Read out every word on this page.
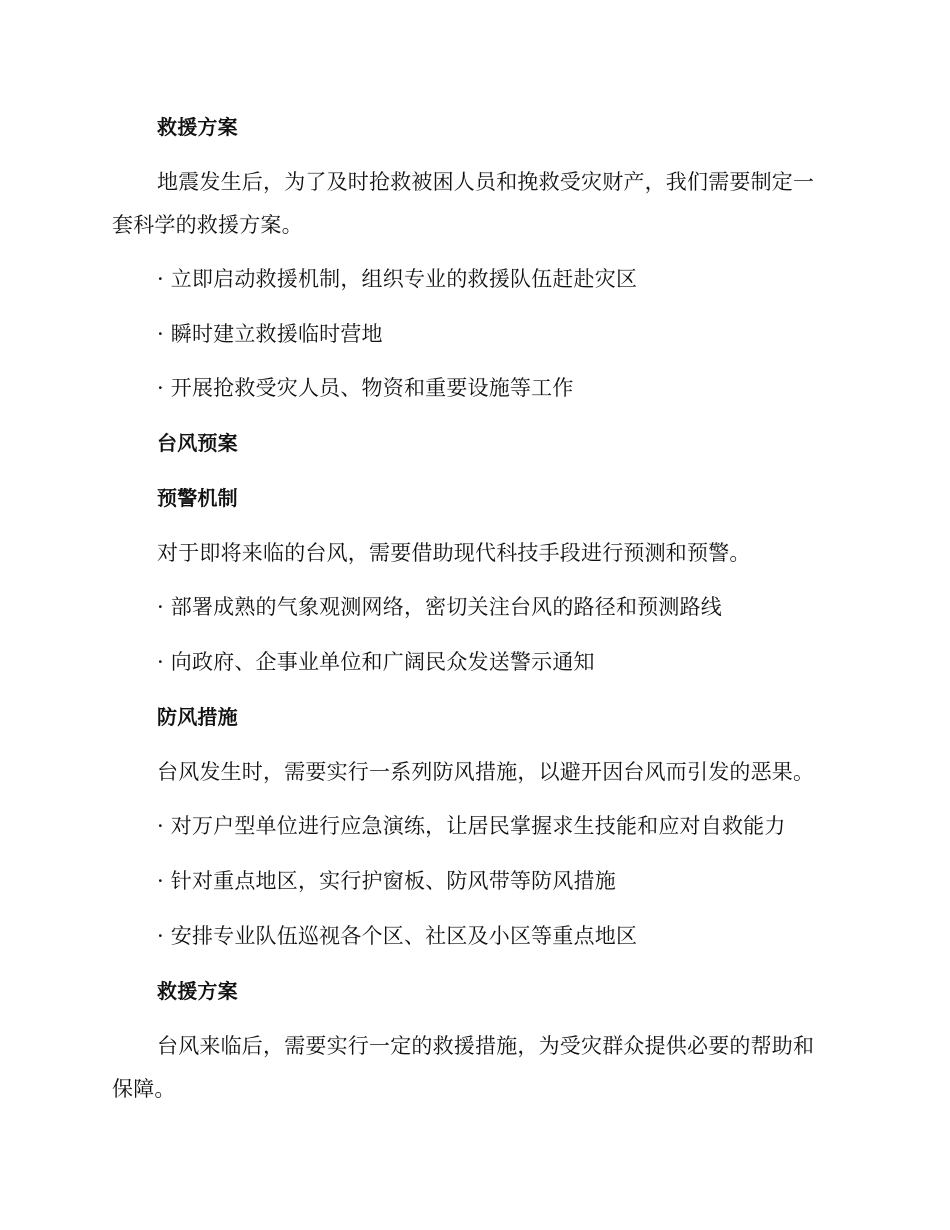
救援方案
地震发生后，为了及时抢救被困人员和挽救受灾财产，我们需要制定一
套科学的救援方案。
· 立即启动救援机制，组织专业的救援队伍赶赴灾区
· 瞬时建立救援临时营地
· 开展抢救受灾人员、物资和重要设施等工作
台风预案
预警机制
对于即将来临的台风，需要借助现代科技手段进行预测和预警。
· 部署成熟的气象观测网络，密切关注台风的路径和预测路线
· 向政府、企事业单位和广阔民众发送警示通知
防风措施
台风发生时，需要实行一系列防风措施，以避开因台风而引发的恶果。
· 对万户型单位进行应急演练，让居民掌握求生技能和应对自救能力
· 针对重点地区，实行护窗板、防风带等防风措施
· 安排专业队伍巡视各个区、社区及小区等重点地区
救援方案
台风来临后，需要实行一定的救援措施，为受灾群众提供必要的帮助和
保障。
